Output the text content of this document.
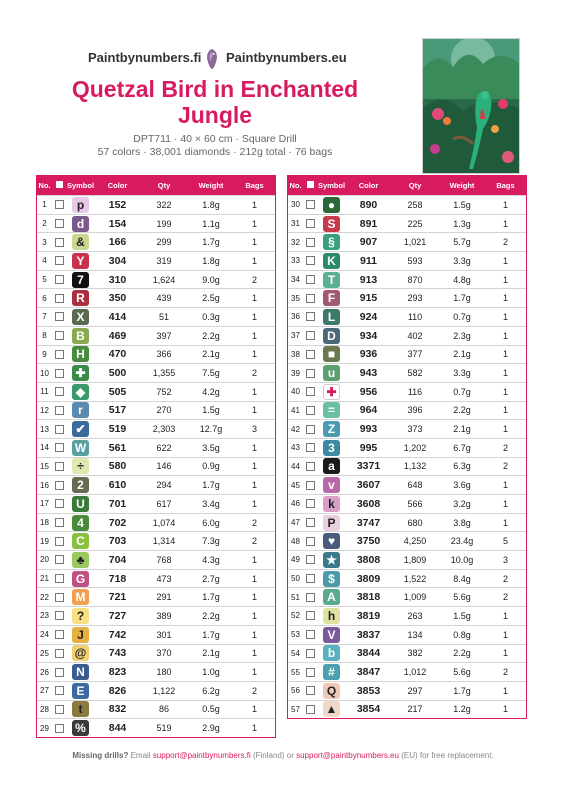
Paintbynumbers.fi Paintbynumbers.eu
Quetzal Bird in Enchanted Jungle
DPT711 · 40 × 60 cm · Square Drill
57 colors · 38,001 diamonds · 212g total · 76 bags
No. Symbol	Color	Qty	Weight	Bags
1	p	152	322	1.8g	1
2	d	154	199	1.1g	1
3	&	166	299	1.7g	1
4	Y	304	319	1.8g	1
5	7	310	1,624	9.0g	2
6	R	350	439	2.5g	1
7	X	414	51	0.3g	1
8	B	469	397	2.2g	1
9	H	470	366	2.1g	1
10 ✚	500	1,355	7.5g	2
11	◆	505	752	4.2g	1
12	r	517	270	1.5g	1
13 ✔	519	2,303	12.7g	3
14 W	561	622	3.5g	1
15	÷	580	146	0.9g	1
16	2	610	294	1.7g	1
17	U	701	617	3.4g	1
18	4	702	1,074	6.0g	2
19	C	703	1,314	7.3g	2
20	♣	704	768	4.3g	1
21	G	718	473	2.7g	1
22 M	721	291	1.7g	1
23	?	727	389	2.2g	1
24	J	742	301	1.7g	1
25 @	743	370	2.1g	1
26	N	823	180	1.0g	1
27	E	826	1,122	6.2g	2
28	t	832	86	0.5g	1
29 %	844	519	2.9g	1
No. Symbol	Color	Qty	Weight	Bags
30	●	890	258	1.5g	1
31	S	891	225	1.3g	1
32	§	907	1,021	5.7g	2
33	K	911	593	3.3g	1
34	T	913	870	4.8g	1
35	F	915	293	1.7g	1
36	L	924	110	0.7g	1
37	D	934	402	2.3g	1
38	■	936	377	2.1g	1
39	u	943	582	3.3g	1
40 ✚	956	116	0.7g	1
41	=	964	396	2.2g	1
42	Z	993	373	2.1g	1
43	3	995	1,202	6.7g	2
44	a	3371	1,132	6.3g	2
45	v	3607	648	3.6g	1
46	k	3608	566	3.2g	1
47	P	3747	680	3.8g	1
48	♥	3750	4,250	23.4g	5
49 ★	3808	1,809	10.0g	3
50	$	3809	1,522	8.4g	2
51	A	3818	1,009	5.6g	2
52	h	3819	263	1.5g	1
53	V	3837	134	0.8g	1
54	b	3844	382	2.2g	1
55	#	3847	1,012	5.6g	2
56	Q	3853	297	1.7g	1
57 ▲	3854	217	1.2g	1
Missing drills? Email support@paintbynumbers.fi (Finland) or support@paintbynumbers.eu (EU) for free replacement.
